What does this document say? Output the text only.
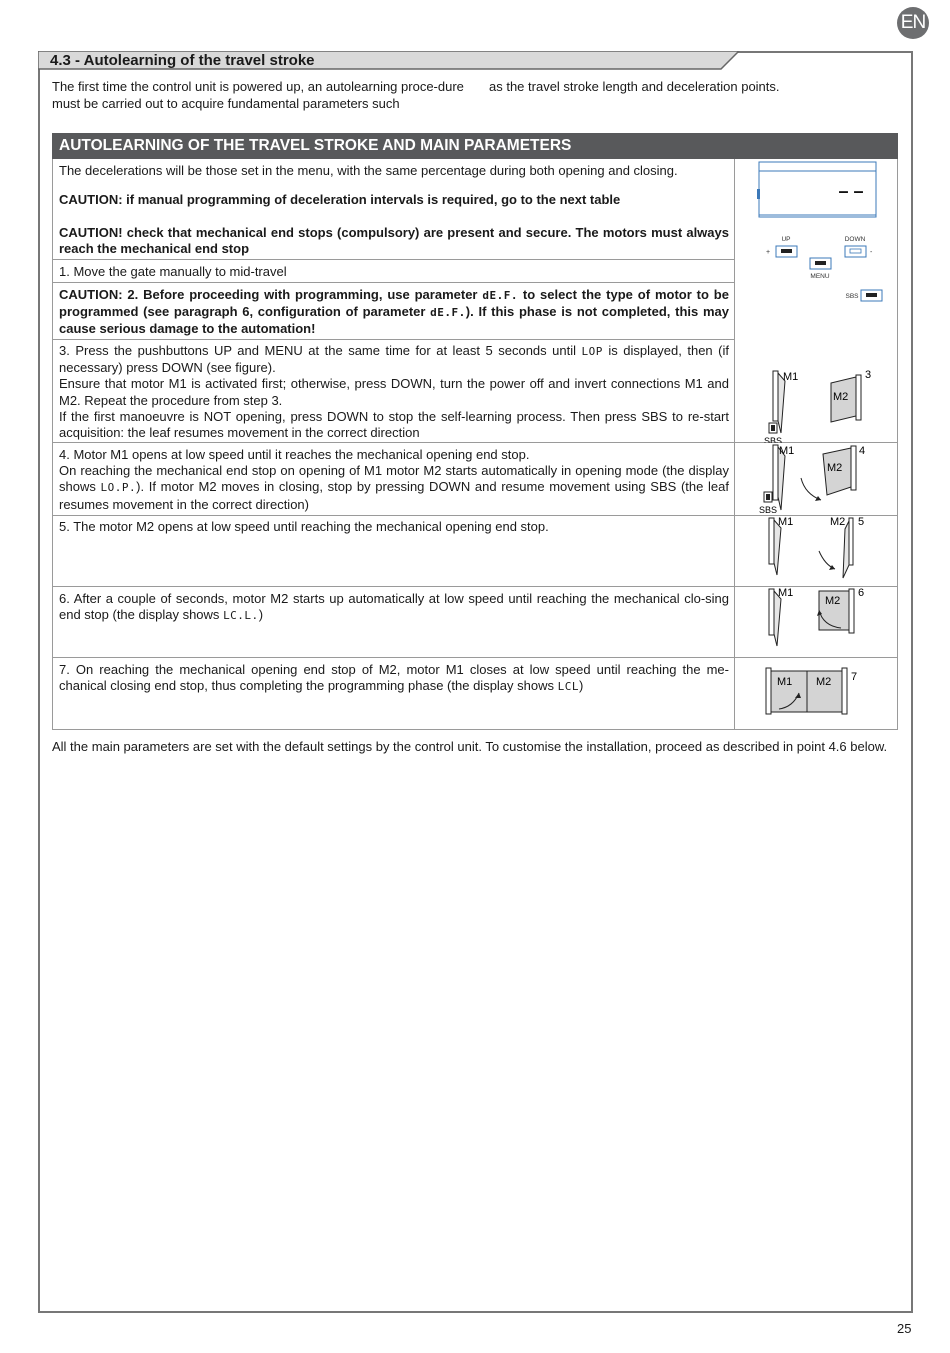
EN
4.3 - Autolearning of the travel stroke
The first time the control unit is powered up, an autolearning proce-dure must be carried out to acquire fundamental parameters such
as the travel stroke length and deceleration points.
AUTOLEARNING OF THE TRAVEL STROKE AND MAIN PARAMETERS
The decelerations will be those set in the menu, with the same percentage during both opening and closing.
CAUTION: if manual programming of deceleration intervals is required, go to the next table
CAUTION! check that mechanical end stops (compulsory) are present and secure. The motors must always reach the mechanical end stop
1. Move the gate manually to mid-travel
CAUTION: 2. Before proceeding with programming, use parameter dE.F. to select the type of motor to be programmed (see paragraph 6, configuration of parameter dE.F.). If this phase is not completed, this may cause serious damage to the automation!
3. Press the pushbuttons UP and MENU at the same time for at least 5 seconds until LOP is displayed, then (if necessary) press DOWN (see figure).
Ensure that motor M1 is activated first; otherwise, press DOWN, turn the power off and invert connections M1 and M2. Repeat the procedure from step 3.
If the first manoeuvre is NOT opening, press DOWN to stop the self-learning process. Then press SBS to re-start acquisition: the leaf resumes movement in the correct direction
4. Motor M1 opens at low speed until it reaches the mechanical opening end stop.
On reaching the mechanical end stop on opening of M1 motor M2 starts automatically in opening mode (the display shows LO.P.). If motor M2 moves in closing, stop by pressing DOWN and resume movement using SBS (the leaf resumes movement in the correct direction)
5. The motor M2 opens at low speed until reaching the mechanical opening end stop.
6. After a couple of seconds, motor M2 starts up automatically at low speed until reaching the mechanical clo-sing end stop (the display shows LC.L.)
7. On reaching the mechanical opening end stop of M2, motor M1 closes at low speed until reaching the me-chanical closing end stop, thus completing the programming phase (the display shows LCL)
– –
UP	DOWN
+	-
MENU
SBS
M1
M2
3
SBS
M1
M2
4
SBS
M1	M2 5
M1
M2
6
M1 M2 7
All the main parameters are set with the default settings by the control unit. To customise the installation, proceed as described in point 4.6 below.
25
